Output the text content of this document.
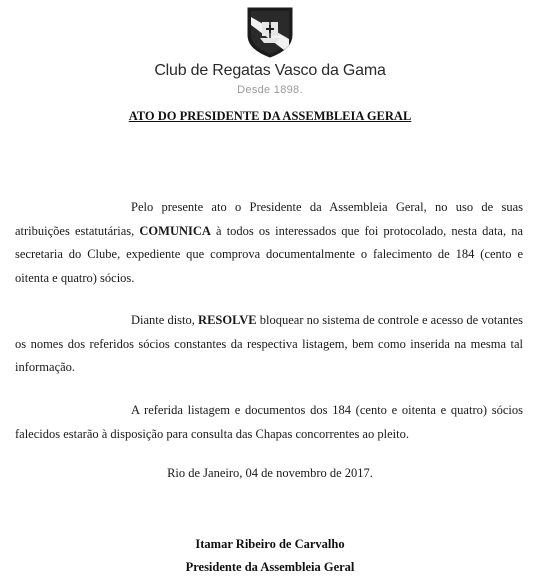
Club de Regatas Vasco da Gama
Desde 1898.
ATO DO PRESIDENTE DA ASSEMBLEIA GERAL
Pelo presente ato o Presidente da Assembleia Geral, no uso de suas atribuições estatutárias, COMUNICA à todos os interessados que foi protocolado, nesta data, na secretaria do Clube, expediente que comprova documentalmente o falecimento de 184 (cento e oitenta e quatro) sócios.
Diante disto, RESOLVE bloquear no sistema de controle e acesso de votantes os nomes dos referidos sócios constantes da respectiva listagem, bem como inserida na mesma tal informação.
A referida listagem e documentos dos 184 (cento e oitenta e quatro) sócios falecidos estarão à disposição para consulta das Chapas concorrentes ao pleito.
Rio de Janeiro, 04 de novembro de 2017.
Itamar Ribeiro de Carvalho
Presidente da Assembleia Geral
